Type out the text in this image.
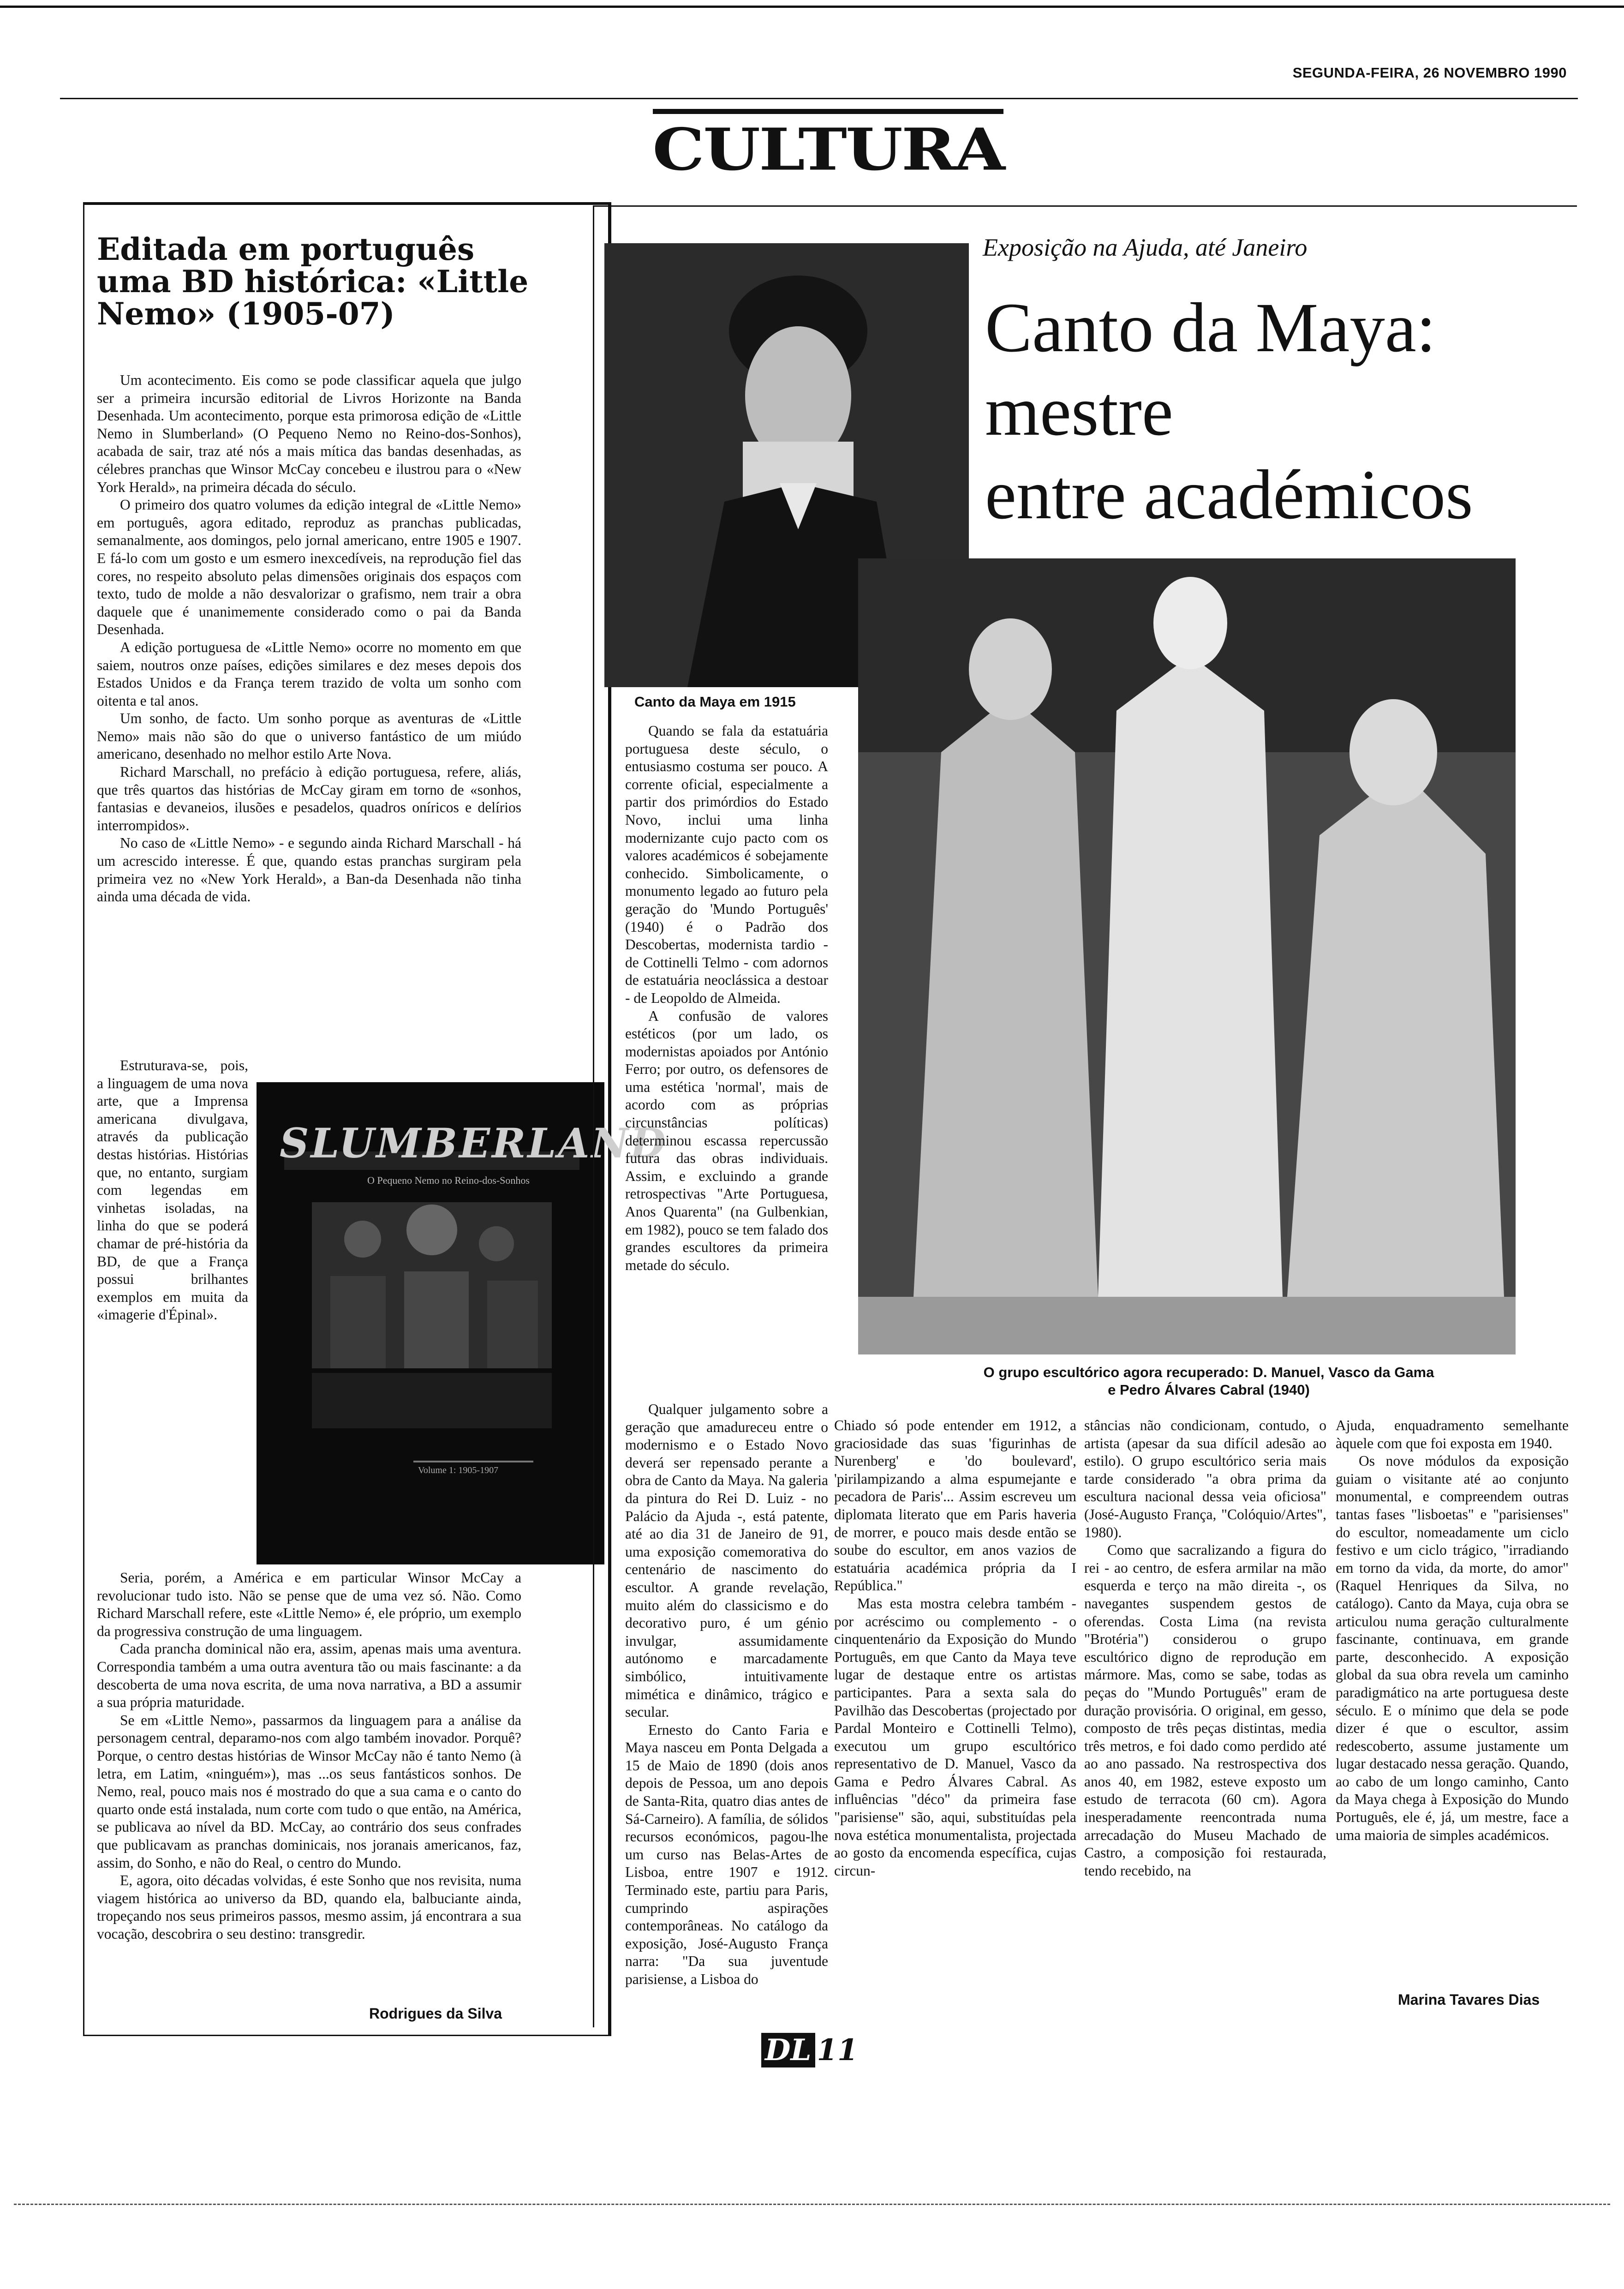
SEGUNDA-FEIRA, 26 NOVEMBRO 1990
CULTURA
Editada em português uma BD histórica: «Little Nemo» (1905-07)

Um acontecimento. Eis como se pode classificar aquela que julgo ser a primeira incursão editorial de Livros Horizonte na Banda Desenhada. Um acontecimento, porque esta primorosa edição de «Little Nemo in Slumberland» (O Pequeno Nemo no Reino-dos-Sonhos), acabada de sair, traz até nós a mais mítica das bandas desenhadas, as célebres pranchas que Winsor McCay concebeu e ilustrou para o «New York Herald», na primeira década do século.

O primeiro dos quatro volumes da edição integral de «Little Nemo» em português, agora editado, reproduz as pranchas publicadas, semanalmente, aos domingos, pelo jornal americano, entre 1905 e 1907. E fá-lo com um gosto e um esmero inexcedíveis, na reprodução fiel das cores, no respeito absoluto pelas dimensões originais dos espaços com texto, tudo de molde a não desvalorizar o grafismo, nem trair a obra daquele que é unanimemente considerado como o pai da Banda Desenhada.

A edição portuguesa de «Little Nemo» ocorre no momento em que saiem, noutros onze países, edições similares e dez meses depois dos Estados Unidos e da França terem trazido de volta um sonho com oitenta e tal anos.

Um sonho, de facto. Um sonho porque as aventuras de «Little Nemo» mais não são do que o universo fantástico de um miúdo americano, desenhado no melhor estilo Arte Nova.

Richard Marschall, no prefácio à edição portuguesa, refere, aliás, que três quartos das histórias de McCay giram em torno de «sonhos, fantasias e devaneios, ilusões e pesadelos, quadros oníricos e delírios interrompidos».

No caso de «Little Nemo» - e segundo ainda Richard Marschall - há um acrescido interesse. É que, quando estas pranchas surgiram pela primeira vez no «New York Herald», a Ban-da Desenhada não tinha ainda uma década de vida.

Estruturava-se, pois, a linguagem de uma nova arte, que a Imprensa americana divulgava, através da publicação destas histórias. Histórias que, no entanto, surgiam com legendas em vinhetas isoladas, na linha do que se poderá chamar de pré-história da BD, de que a França possui brilhantes exemplos em muita da «imagerie d'Épinal».

SLUMBERLAND
O Pequeno Nemo no Reino-dos-Sonhos
Volume 1: 1905-1907

Seria, porém, a América e em particular Winsor McCay a revolucionar tudo isto. Não se pense que de uma vez só. Não. Como Richard Marschall refere, este «Little Nemo» é, ele próprio, um exemplo da progressiva construção de uma linguagem.

Cada prancha dominical não era, assim, apenas mais uma aventura. Correspondia também a uma outra aventura tão ou mais fascinante: a da descoberta de uma nova escrita, de uma nova narrativa, a BD a assumir a sua própria maturidade.

Se em «Little Nemo», passarmos da linguagem para a análise da personagem central, deparamo-nos com algo também inovador. Porquê? Porque, o centro destas histórias de Winsor McCay não é tanto Nemo (à letra, em Latim, «ninguém»), mas ...os seus fantásticos sonhos. De Nemo, real, pouco mais nos é mostrado do que a sua cama e o canto do quarto onde está instalada, num corte com tudo o que então, na América, se publicava ao nível da BD. McCay, ao contrário dos seus confrades que publicavam as pranchas dominicais, nos joranais americanos, faz, assim, do Sonho, e não do Real, o centro do Mundo.

E, agora, oito décadas volvidas, é este Sonho que nos revisita, numa viagem histórica ao universo da BD, quando ela, balbuciante ainda, tropeçando nos seus primeiros passos, mesmo assim, já encontrara a sua vocação, descobrira o seu destino: transgredir.

Rodrigues da Silva
Canto da Maya em 1915
Exposição na Ajuda, até Janeiro
Canto da Maya:
mestre
entre académicos
O grupo escultórico agora recuperado: D. Manuel, Vasco da Gama
e Pedro Álvares Cabral (1940)

Quando se fala da estatuária portuguesa deste século, o entusiasmo costuma ser pouco. A corrente oficial, especialmente a partir dos primórdios do Estado Novo, inclui uma linha modernizante cujo pacto com os valores académicos é sobejamente conhecido. Simbolicamente, o monumento legado ao futuro pela geração do 'Mundo Português' (1940) é o Padrão dos Descobertas, modernista tardio - de Cottinelli Telmo - com adornos de estatuária neoclássica a destoar - de Leopoldo de Almeida.

A confusão de valores estéticos (por um lado, os modernistas apoiados por António Ferro; por outro, os defensores de uma estética 'normal', mais de acordo com as próprias circunstâncias políticas) determinou escassa repercussão futura das obras individuais. Assim, e excluindo a grande retrospectivas "Arte Portuguesa, Anos Quarenta" (na Gulbenkian, em 1982), pouco se tem falado dos grandes escultores da primeira metade do século.

Qualquer julgamento sobre a geração que amadureceu entre o modernismo e o Estado Novo deverá ser repensado perante a obra de Canto da Maya. Na galeria da pintura do Rei D. Luiz - no Palácio da Ajuda -, está patente, até ao dia 31 de Janeiro de 91, uma exposição comemorativa do centenário de nascimento do escultor. A grande revelação, muito além do classicismo e do decorativo puro, é um génio invulgar, assumidamente autónomo e marcadamente simbólico, intuitivamente mimética e dinâmico, trágico e secular.

Ernesto do Canto Faria e Maya nasceu em Ponta Delgada a 15 de Maio de 1890 (dois anos depois de Pessoa, um ano depois de Santa-Rita, quatro dias antes de Sá-Carneiro). A família, de sólidos recursos económicos, pagou-lhe um curso nas Belas-Artes de Lisboa, entre 1907 e 1912. Terminado este, partiu para Paris, cumprindo aspirações contemporâneas. No catálogo da exposição, José-Augusto França narra: "Da sua juventude parisiense, a Lisboa do

Chiado só pode entender em 1912, a graciosidade das suas 'figurinhas de Nurenberg' e 'do boulevard', 'pirilampizando a alma espumejante e pecadora de Paris'... Assim escreveu um diplomata literato que em Paris haveria de morrer, e pouco mais desde então se soube do escultor, em anos vazios de estatuária académica própria da I República."

Mas esta mostra celebra também - por acréscimo ou complemento - o cinquentenário da Exposição do Mundo Português, em que Canto da Maya teve lugar de destaque entre os artistas participantes. Para a sexta sala do Pavilhão das Descobertas (projectado por Pardal Monteiro e Cottinelli Telmo), executou um grupo escultórico representativo de D. Manuel, Vasco da Gama e Pedro Álvares Cabral. As influências "déco" da primeira fase "parisiense" são, aqui, substituídas pela nova estética monumentalista, projectada ao gosto da encomenda específica, cujas circun-

stâncias não condicionam, contudo, o artista (apesar da sua difícil adesão ao estilo). O grupo escultórico seria mais tarde considerado "a obra prima da escultura nacional dessa veia oficiosa" (José-Augusto França, "Colóquio/Artes", 1980).

Como que sacralizando a figura do rei - ao centro, de esfera armilar na mão esquerda e terço na mão direita -, os navegantes suspendem gestos de oferendas. Costa Lima (na revista "Brotéria") considerou o grupo escultórico digno de reprodução em mármore. Mas, como se sabe, todas as peças do "Mundo Português" eram de duração provisória. O original, em gesso, composto de três peças distintas, media três metros, e foi dado como perdido até ao ano passado. Na restrospectiva dos anos 40, em 1982, esteve exposto um estudo de terracota (60 cm). Agora inesperadamente reencontrada numa arrecadação do Museu Machado de Castro, a composição foi restaurada, tendo recebido, na

Ajuda, enquadramento semelhante àquele com que foi exposta em 1940.

Os nove módulos da exposição guiam o visitante até ao conjunto monumental, e compreendem outras tantas fases "lisboetas" e "parisienses" do escultor, nomeadamente um ciclo festivo e um ciclo trágico, "irradiando em torno da vida, da morte, do amor" (Raquel Henriques da Silva, no catálogo). Canto da Maya, cuja obra se articulou numa geração culturalmente fascinante, continuava, em grande parte, desconhecido. A exposição global da sua obra revela um caminho paradigmático na arte portuguesa deste século. E o mínimo que dela se pode dizer é que o escultor, assim redescoberto, assume justamente um lugar destacado nessa geração. Quando, ao cabo de um longo caminho, Canto da Maya chega à Exposição do Mundo Português, ele é, já, um mestre, face a uma maioria de simples académicos.

Marina Tavares Dias
DL 11
